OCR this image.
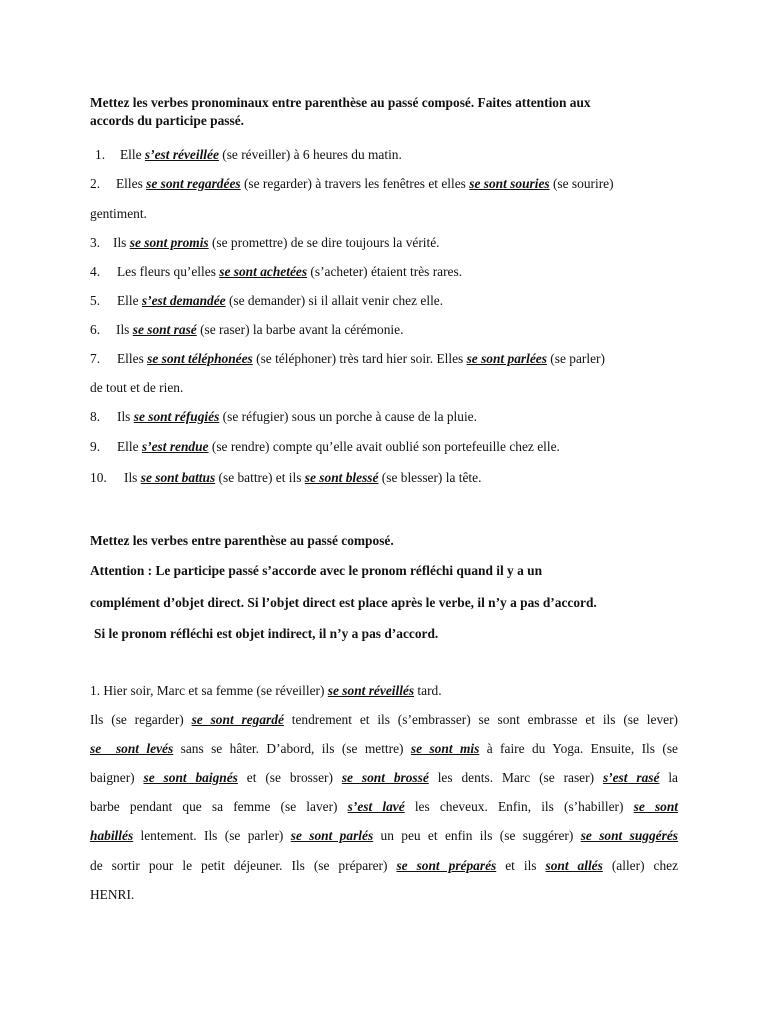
Mettez les verbes pronominaux entre parenthèse au passé composé. Faites attention aux
accords du participe passé.
1. Elle s’est réveillée (se réveiller) à 6 heures du matin.
2. Elles se sont regardées (se regarder) à travers les fenêtres et elles se sont souries (se sourire)
gentiment.
3. Ils se sont promis (se promettre) de se dire toujours la vérité.
4. Les fleurs qu’elles se sont achetées (s’acheter) étaient très rares.
5. Elle s’est demandée (se demander) si il allait venir chez elle.
6. Ils se sont rasé (se raser) la barbe avant la cérémonie.
7. Elles se sont téléphonées (se téléphoner) très tard hier soir. Elles se sont parlées (se parler)
de tout et de rien.
8. Ils se sont réfugiés (se réfugier) sous un porche à cause de la pluie.
9. Elle s’est rendue (se rendre) compte qu’elle avait oublié son portefeuille chez elle.
10. Ils se sont battus (se battre) et ils se sont blessé (se blesser) la tête.
Mettez les verbes entre parenthèse au passé composé.
Attention : Le participe passé s’accorde avec le pronom réfléchi quand il y a un
complément d’objet direct. Si l’objet direct est place après le verbe, il n’y a pas d’accord.
Si le pronom réfléchi est objet indirect, il n’y a pas d’accord.
1. Hier soir, Marc et sa femme (se réveiller) se sont réveillés tard.
Ils (se regarder) se sont regardé tendrement et ils (s’embrasser) se sont embrasse et ils (se lever)
se  sont levés sans se hâter. D’abord, ils (se mettre) se sont mis à faire du Yoga. Ensuite, Ils (se
baigner) se sont baignés et (se brosser) se sont brossé les dents. Marc (se raser) s’est rasé la
barbe pendant que sa femme (se laver) s’est lavé les cheveux. Enfin, ils (s’habiller) se sont
habillés lentement. Ils (se parler) se sont parlés un peu et enfin ils (se suggérer) se sont suggérés
de sortir pour le petit déjeuner. Ils (se préparer) se sont préparés et ils sont allés (aller) chez
HENRI.
